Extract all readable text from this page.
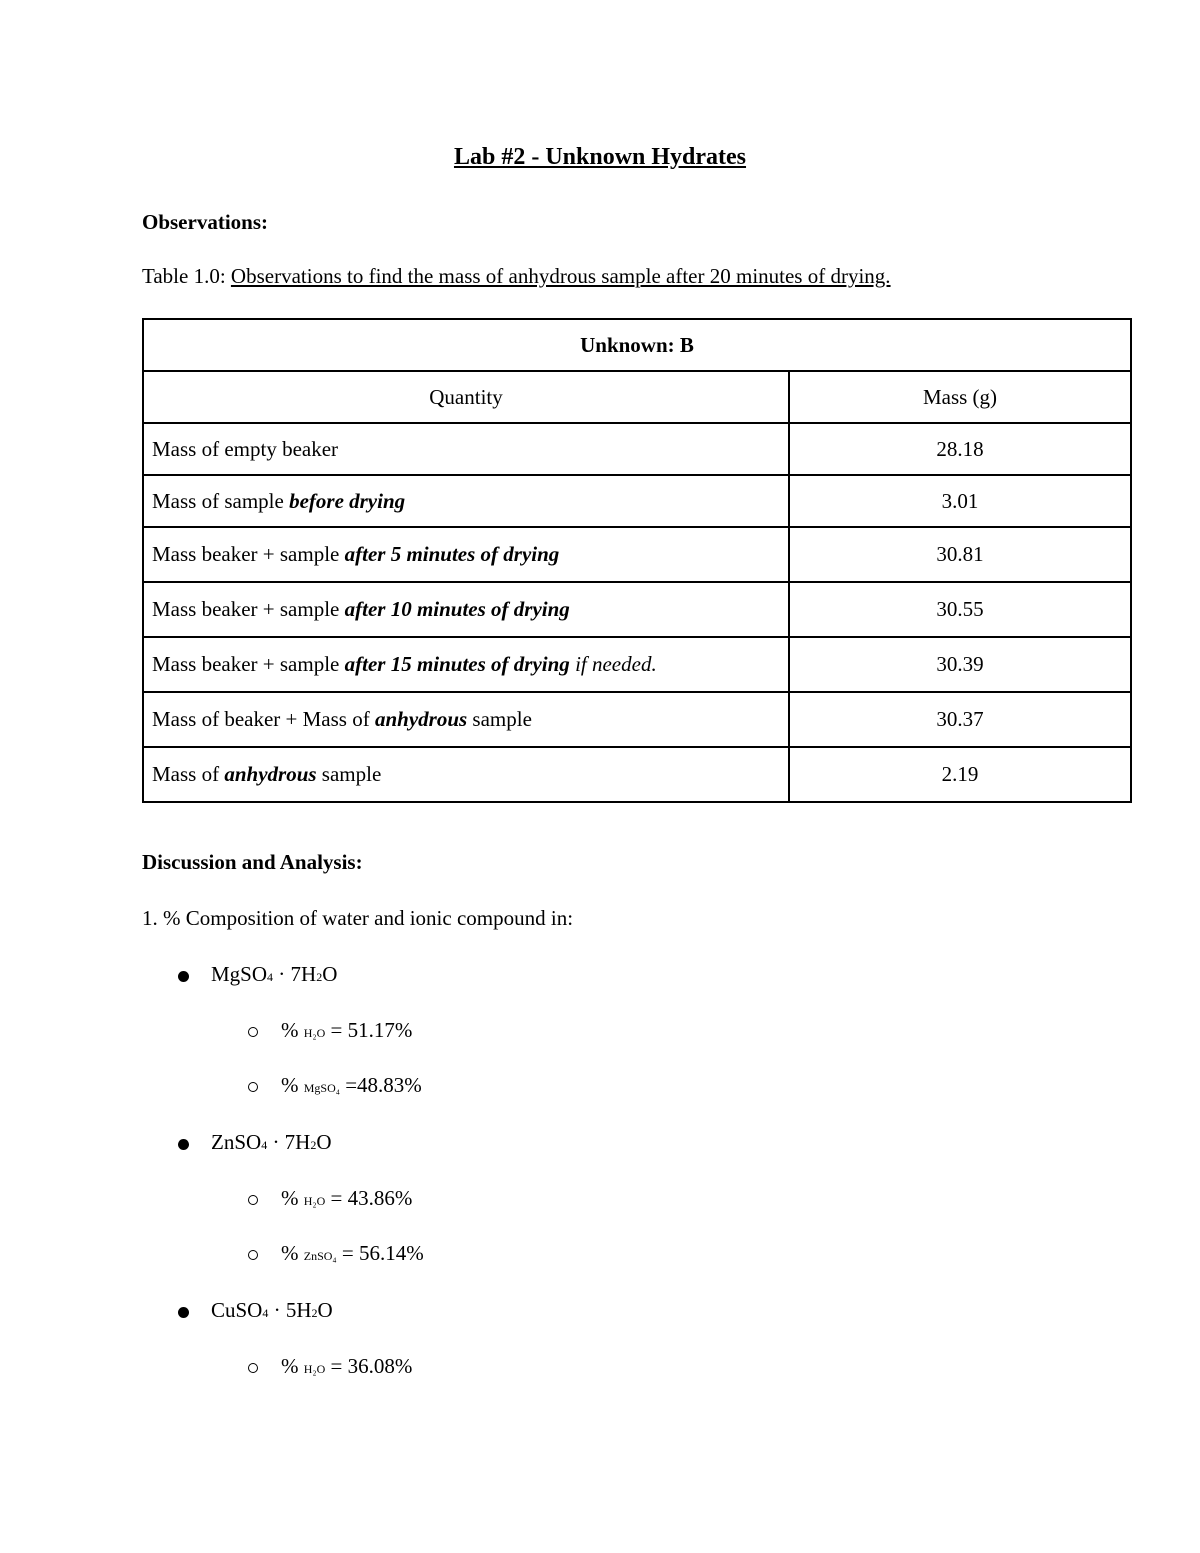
Lab #2 - Unknown Hydrates
Observations:
Table 1.0: Observations to find the mass of anhydrous sample after 20 minutes of drying.
Unknown: B	
Quantity	Mass (g)
Mass of empty beaker	28.18
Mass of sample before drying	3.01
Mass beaker + sample after 5 minutes of drying	30.81
Mass beaker + sample after 10 minutes of drying	30.55
Mass beaker + sample after 15 minutes of drying if needed.	30.39
Mass of beaker + Mass of anhydrous sample	30.37
Mass of anhydrous sample	2.19
Discussion and Analysis:
1. % Composition of water and ionic compound in:
MgSO4 · 7H2O
% H₂O = 51.17%
% MgSO₄ =48.83%
ZnSO4 · 7H2O
% H₂O = 43.86%
% ZnSO₄ = 56.14%
CuSO4 · 5H2O
% H₂O = 36.08%
